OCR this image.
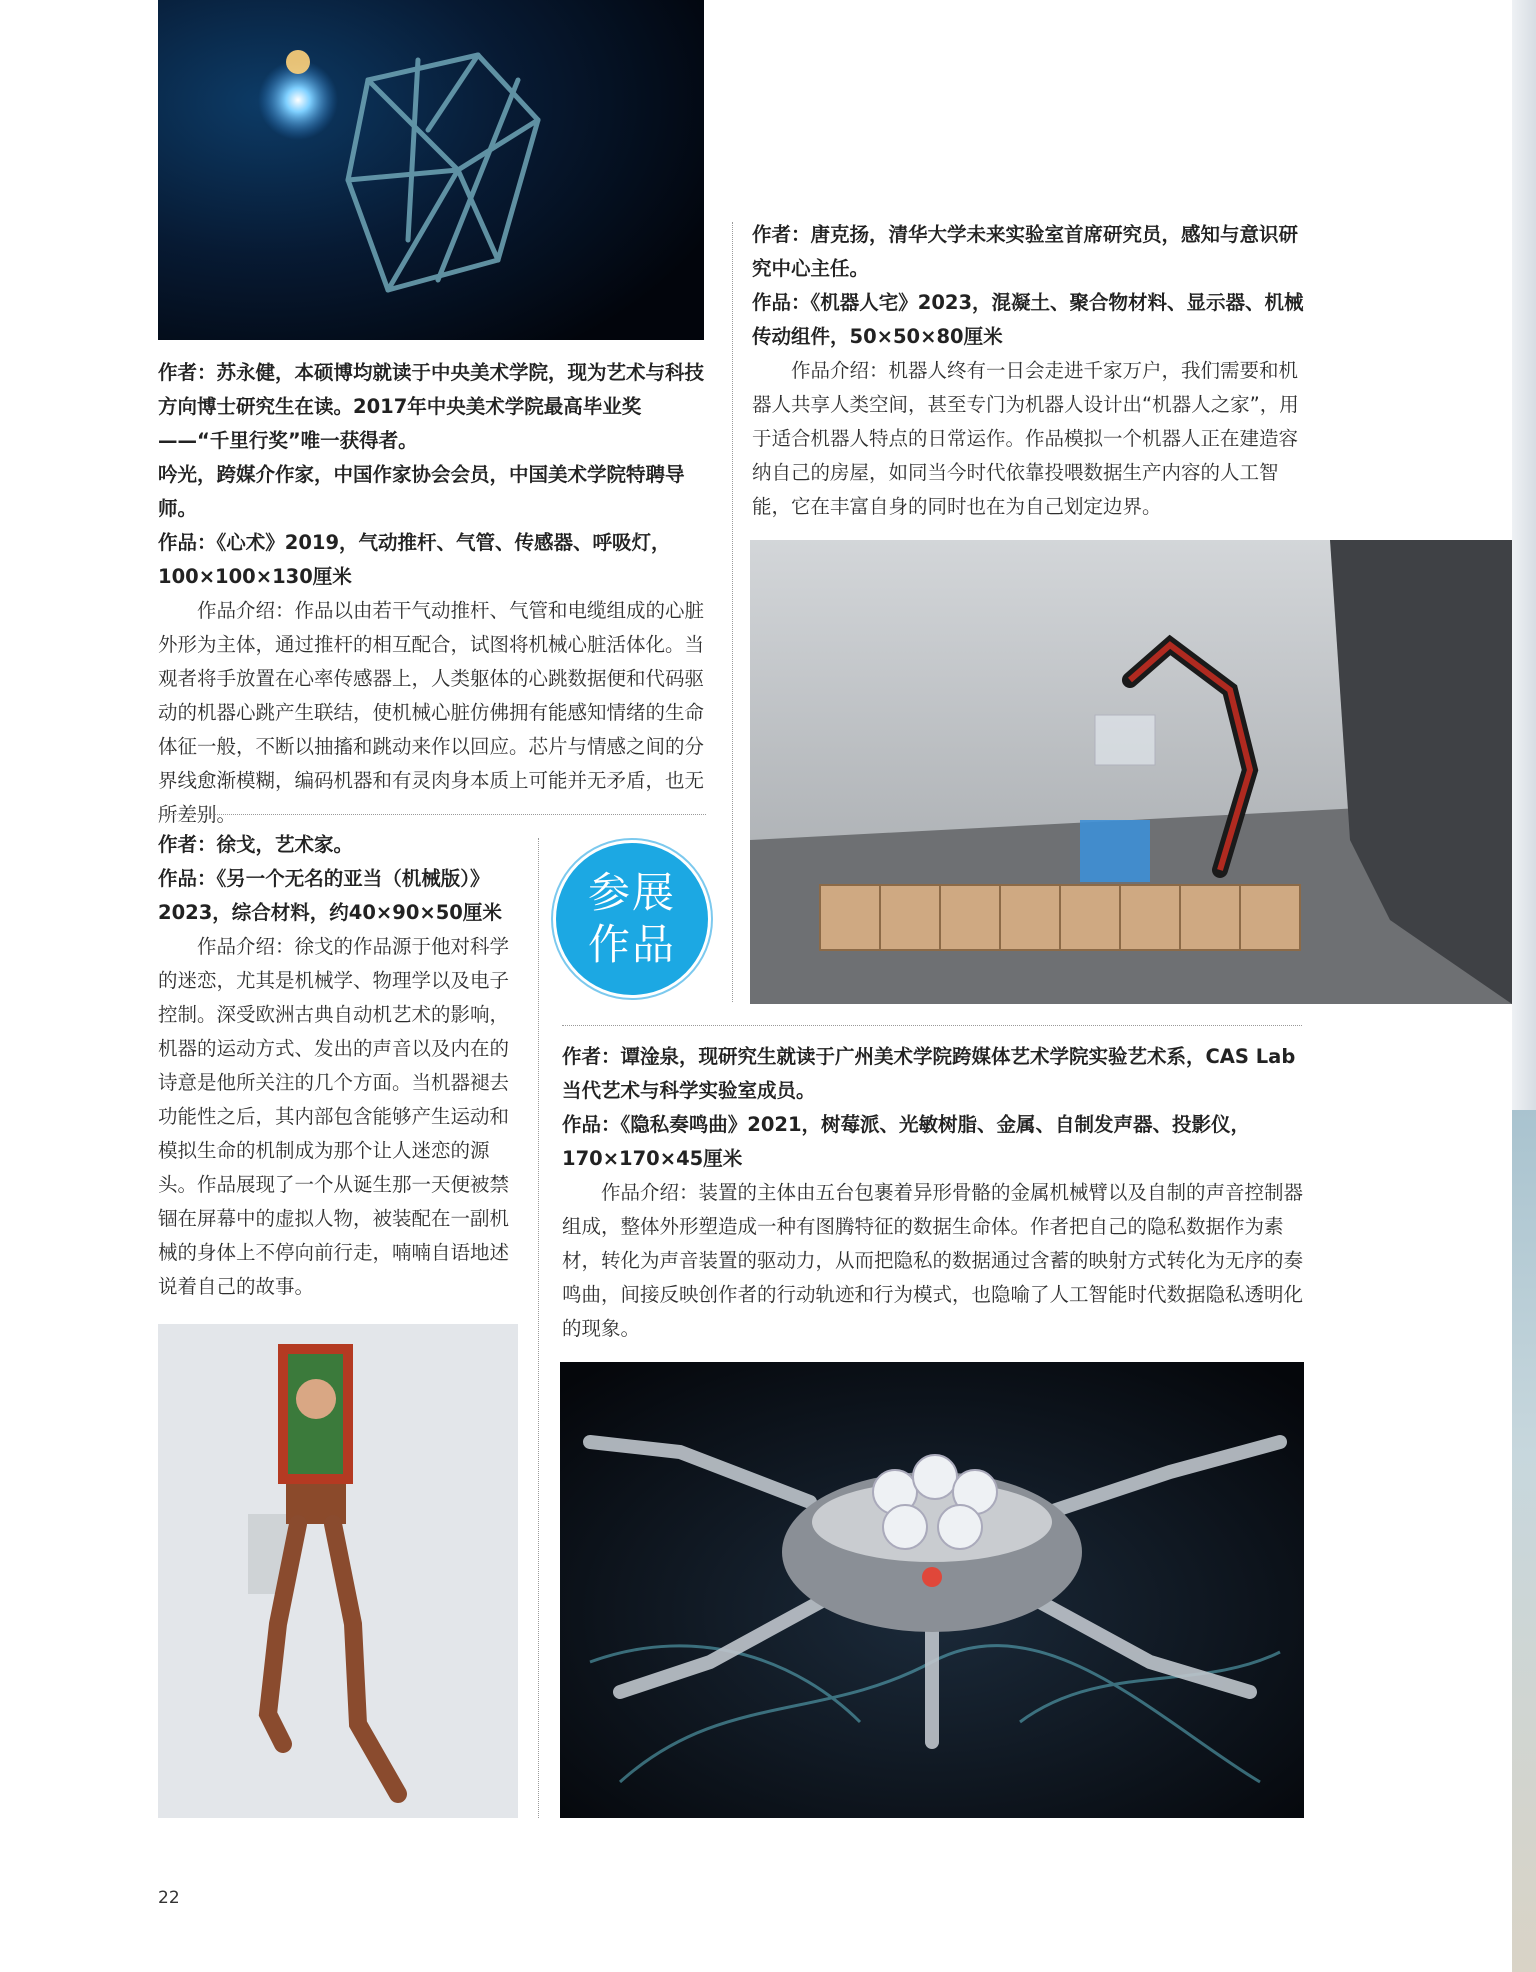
作者：苏永健，本硕博均就读于中央美术学院，现为艺术与科技方向博士研究生在读。2017年中央美术学院最高毕业奖——“千里行奖”唯一获得者。

吟光，跨媒介作家，中国作家协会会员，中国美术学院特聘导师。

作品：《心术》2019，气动推杆、气管、传感器、呼吸灯，100×100×130厘米

作品介绍：作品以由若干气动推杆、气管和电缆组成的心脏外形为主体，通过推杆的相互配合，试图将机械心脏活体化。当观者将手放置在心率传感器上，人类躯体的心跳数据便和代码驱动的机器心跳产生联结，使机械心脏仿佛拥有能感知情绪的生命体征一般，不断以抽搐和跳动来作以回应。芯片与情感之间的分界线愈渐模糊，编码机器和有灵肉身本质上可能并无矛盾，也无所差别。

作者：唐克扬，清华大学未来实验室首席研究员，感知与意识研究中心主任。

作品：《机器人宅》2023，混凝土、聚合物材料、显示器、机械传动组件，50×50×80厘米

作品介绍：机器人终有一日会走进千家万户，我们需要和机器人共享人类空间，甚至专门为机器人设计出“机器人之家”，用于适合机器人特点的日常运作。作品模拟一个机器人正在建造容纳自己的房屋，如同当今时代依靠投喂数据生产内容的人工智能，它在丰富自身的同时也在为自己划定边界。

作者：徐戈，艺术家。

作品：《另一个无名的亚当（机械版）》2023，综合材料，约40×90×50厘米

作品介绍：徐戈的作品源于他对科学的迷恋，尤其是机械学、物理学以及电子控制。深受欧洲古典自动机艺术的影响，机器的运动方式、发出的声音以及内在的诗意是他所关注的几个方面。当机器褪去功能性之后，其内部包含能够产生运动和模拟生命的机制成为那个让人迷恋的源头。作品展现了一个从诞生那一天便被禁锢在屏幕中的虚拟人物，被装配在一副机械的身体上不停向前行走，喃喃自语地述说着自己的故事。

参展
作品

作者：谭淦泉，现研究生就读于广州美术学院跨媒体艺术学院实验艺术系，CAS Lab当代艺术与科学实验室成员。

作品：《隐私奏鸣曲》2021，树莓派、光敏树脂、金属、自制发声器、投影仪，170×170×45厘米

作品介绍：装置的主体由五台包裹着异形骨骼的金属机械臂以及自制的声音控制器组成，整体外形塑造成一种有图腾特征的数据生命体。作者把自己的隐私数据作为素材，转化为声音装置的驱动力，从而把隐私的数据通过含蓄的映射方式转化为无序的奏鸣曲，间接反映创作者的行动轨迹和行为模式，也隐喻了人工智能时代数据隐私透明化的现象。

22
